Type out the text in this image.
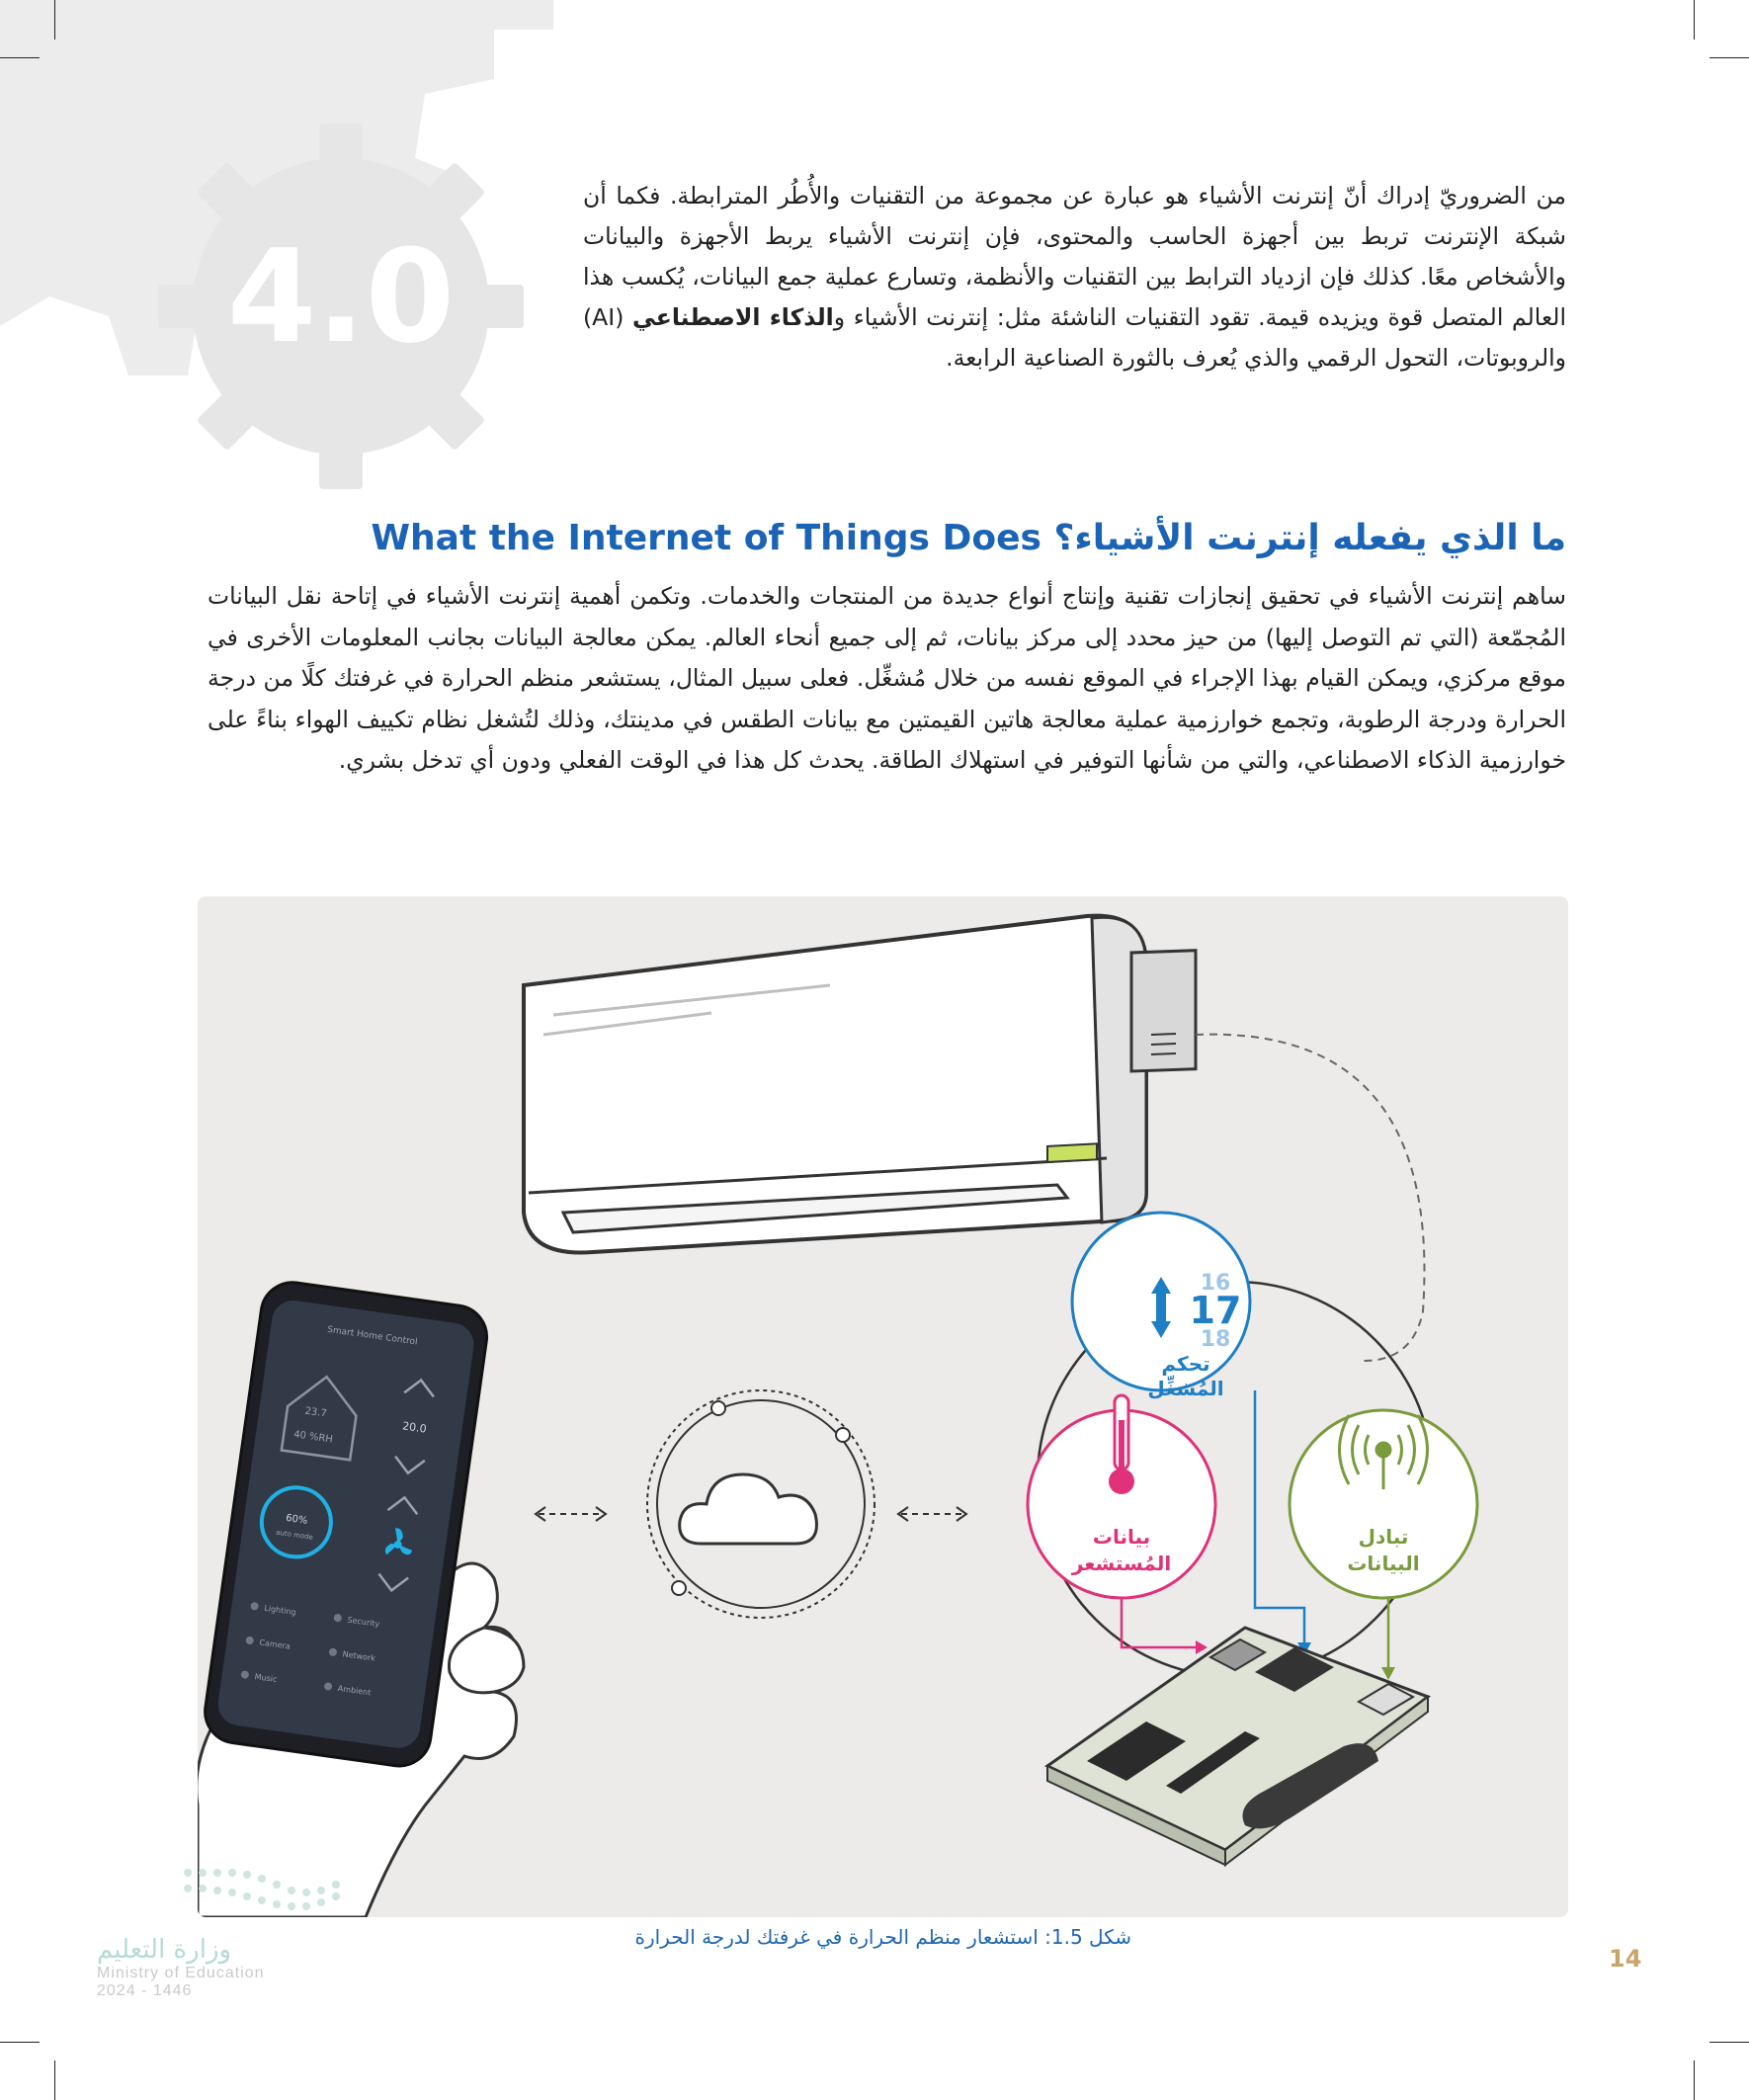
4.0
من الضروريّ إدراك أنّ إنترنت الأشياء هو عبارة عن مجموعة من التقنيات والأُطُر المترابطة. فكما أن شبكة الإنترنت تربط بين أجهزة الحاسب والمحتوى، فإن إنترنت الأشياء يربط الأجهزة والبيانات والأشخاص معًا. كذلك فإن ازدياد الترابط بين التقنيات والأنظمة، وتسارع عملية جمع البيانات، يُكسب هذا العالم المتصل قوة ويزيده قيمة. تقود التقنيات الناشئة مثل: إنترنت الأشياء والذكاء الاصطناعي (AI) والروبوتات، التحول الرقمي والذي يُعرف بالثورة الصناعية الرابعة.
ما الذي يفعله إنترنت الأشياء؟ What the Internet of Things Does
ساهم إنترنت الأشياء في تحقيق إنجازات تقنية وإنتاج أنواع جديدة من المنتجات والخدمات. وتكمن أهمية إنترنت الأشياء في إتاحة نقل البيانات المُجمّعة (التي تم التوصل إليها) من حيز محدد إلى مركز بيانات، ثم إلى جميع أنحاء العالم. يمكن معالجة البيانات بجانب المعلومات الأخرى في موقع مركزي، ويمكن القيام بهذا الإجراء في الموقع نفسه من خلال مُشغِّل. فعلى سبيل المثال، يستشعر منظم الحرارة في غرفتك كلًا من درجة الحرارة ودرجة الرطوبة، وتجمع خوارزمية عملية معالجة هاتين القيمتين مع بيانات الطقس في مدينتك، وذلك لتُشغل نظام تكييف الهواء بناءً على خوارزمية الذكاء الاصطناعي، والتي من شأنها التوفير في استهلاك الطاقة. يحدث كل هذا في الوقت الفعلي ودون أي تدخل بشري.
16
17
18
تحكم
المُشغِّل
بيانات
المُستشعر
تبادل
البيانات
Smart Home Control
23.7
40 %RH
20.0
60%
auto mode
Lighting
Security
Camera
Network
Music
Ambient
شكل 1.5: استشعار منظم الحرارة في غرفتك لدرجة الحرارة
14
وزارة التعليم
Ministry of Education
2024 - 1446
